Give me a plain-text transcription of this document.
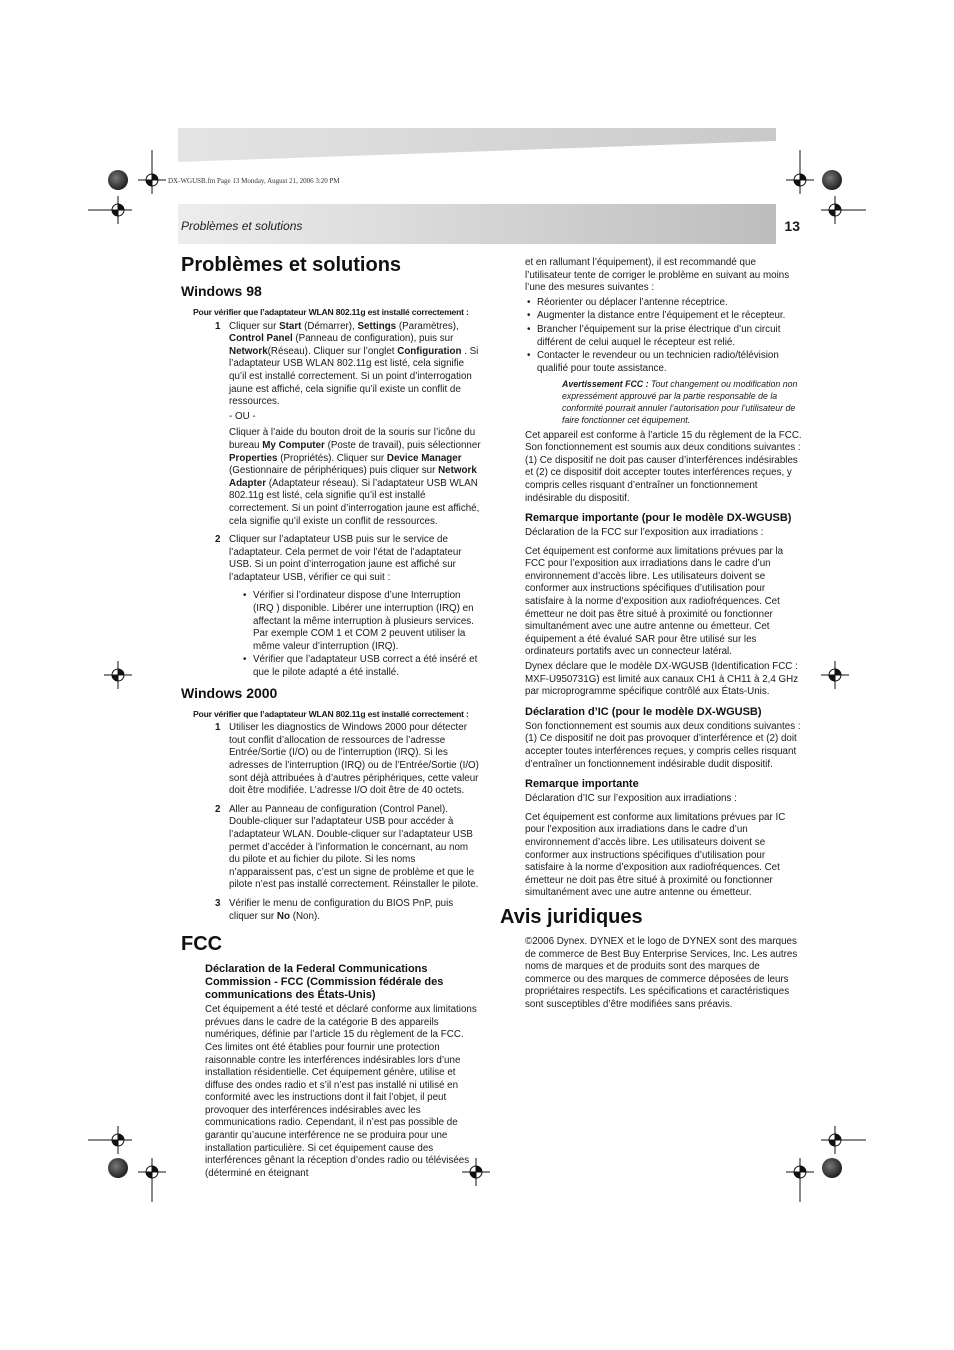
DX-WGUSB.fm Page 13 Monday, August 21, 2006 3:20 PM
Problèmes et solutions	13
Problèmes et solutions
Windows 98

Pour vérifier que l’adaptateur WLAN 802.11g est installé correctement :

1 Cliquer sur Start (Démarrer), Settings (Paramètres), Control Panel (Panneau de configuration), puis sur Network(Réseau). Cliquer sur l’onglet Configuration . Si l’adaptateur USB WLAN 802.11g est listé, cela signifie qu’il est installé correctement. Si un point d’interrogation jaune est affiché, cela signifie qu’il existe un conflit de ressources.

- OU -

Cliquer à l’aide du bouton droit de la souris sur l’icône du bureau My Computer (Poste de travail), puis sélectionner Properties (Propriétés). Cliquer sur Device Manager (Gestionnaire de périphériques) puis cliquer sur Network Adapter (Adaptateur réseau). Si l’adaptateur USB WLAN 802.11g est listé, cela signifie qu’il est installé correctement. Si un point d’interrogation jaune est affiché, cela signifie qu’il existe un conflit de ressources.

2 Cliquer sur l’adaptateur USB puis sur le service de l’adaptateur. Cela permet de voir l’état de l’adaptateur USB. Si un point d’interrogation jaune est affiché sur l’adaptateur USB, vérifier ce qui suit :

• Vérifier si l’ordinateur dispose d’une Interruption (IRQ ) disponible. Libérer une interruption (IRQ) en affectant la même interruption à plusieurs services. Par exemple COM 1 et COM 2 peuvent utiliser la même valeur d’interruption (IRQ).
• Vérifier que l’adaptateur USB correct a été inséré et que le pilote adapté a été installé.
Windows 2000

Pour vérifier que l’adaptateur WLAN 802.11g est installé correctement :

1 Utiliser les diagnostics de Windows 2000 pour détecter tout conflit d’allocation de ressources de l’adresse Entrée/Sortie (I/O) ou de l’interruption (IRQ). Si les adresses de l’interruption (IRQ) ou de l’Entrée/Sortie (I/O) sont déjà attribuées à d’autres périphériques, cette valeur doit être modifiée. L’adresse I/O doit être de 40 octets.

2 Aller au Panneau de configuration (Control Panel). Double-cliquer sur l’adaptateur USB pour accéder à l’adaptateur WLAN. Double-cliquer sur l’adaptateur USB permet d’accéder à l’information le concernant, au nom du pilote et au fichier du pilote. Si les noms n’apparaissent pas, c’est un signe de problème et que le pilote n’est pas installé correctement. Réinstaller le pilote.

3 Vérifier le menu de configuration du BIOS PnP, puis cliquer sur No (Non).

FCC
Déclaration de la Federal Communications Commission - FCC (Commission fédérale des communications des États-Unis)

Cet équipement a été testé et déclaré conforme aux limitations prévues dans le cadre de la catégorie B des appareils numériques, définie par l’article 15 du règlement de la FCC. Ces limites ont été établies pour fournir une protection raisonnable contre les interférences indésirables lors d’une installation résidentielle. Cet équipement génère, utilise et diffuse des ondes radio et s’il n’est pas installé ni utilisé en conformité avec les instructions dont il fait l’objet, il peut provoquer des interférences indésirables avec les communications radio. Cependant, il n’est pas possible de garantir qu’aucune interférence ne se produira pour une installation particulière. Si cet équipement cause des interférences gênant la réception d’ondes radio ou télévisées (déterminé en éteignant

et en rallumant l’équipement), il est recommandé que l’utilisateur tente de corriger le problème en suivant au moins l’une des mesures suivantes :

• Réorienter ou déplacer l’antenne réceptrice.
• Augmenter la distance entre l’équipement et le récepteur.
• Brancher l’équipement sur la prise électrique d’un circuit différent de celui auquel le récepteur est relié.
• Contacter le revendeur ou un technicien radio/télévision qualifié pour toute assistance.

Avertissement FCC : Tout changement ou modification non expressément approuvé par la partie responsable de la conformité pourrait annuler l’autorisation pour l’utilisateur de faire fonctionner cet équipement.

Cet appareil est conforme à l’article 15 du règlement de la FCC. Son fonctionnement est soumis aux deux conditions suivantes : (1) Ce dispositif ne doit pas causer d’interférences indésirables et (2) ce dispositif doit accepter toutes interférences reçues, y compris celles risquant d’entraîner un fonctionnement indésirable du dispositif.

Remarque importante (pour le modèle DX-WGUSB)

Déclaration de la FCC sur l’exposition aux irradiations :

Cet équipement est conforme aux limitations prévues par la FCC pour l’exposition aux irradiations dans le cadre d’un environnement d’accès libre. Les utilisateurs doivent se conformer aux instructions spécifiques d’utilisation pour satisfaire à la norme d’exposition aux radiofréquences. Cet émetteur ne doit pas être situé à proximité ou fonctionner simultanément avec une autre antenne ou émetteur. Cet équipement a été évalué SAR pour être utilisé sur les ordinateurs portatifs avec un connecteur latéral.

Dynex déclare que le modèle DX-WGUSB (Identification FCC : MXF-U950731G) est limité aux canaux CH1 à CH11 à 2,4 GHz par microprogramme spécifique contrôlé aux États-Unis.

Déclaration d’IC (pour le modèle DX-WGUSB)

Son fonctionnement est soumis aux deux conditions suivantes : (1) Ce dispositif ne doit pas provoquer d’interférence et (2) doit accepter toutes interférences reçues, y compris celles risquant d’entraîner un fonctionnement indésirable dudit dispositif.

Remarque importante

Déclaration d’IC sur l’exposition aux irradiations :

Cet équipement est conforme aux limitations prévues par IC pour l’exposition aux irradiations dans le cadre d’un environnement d’accès libre. Les utilisateurs doivent se conformer aux instructions spécifiques d’utilisation pour satisfaire à la norme d’exposition aux radiofréquences. Cet émetteur ne doit pas être situé à proximité ou fonctionner simultanément avec une autre antenne ou émetteur.

Avis juridiques

©2006 Dynex. DYNEX et le logo de DYNEX sont des marques de commerce de Best Buy Enterprise Services, Inc. Les autres noms de marques et de produits sont des marques de commerce ou des marques de commerce déposées de leurs propriétaires respectifs. Les spécifications et caractéristiques sont susceptibles d’être modifiées sans préavis.
